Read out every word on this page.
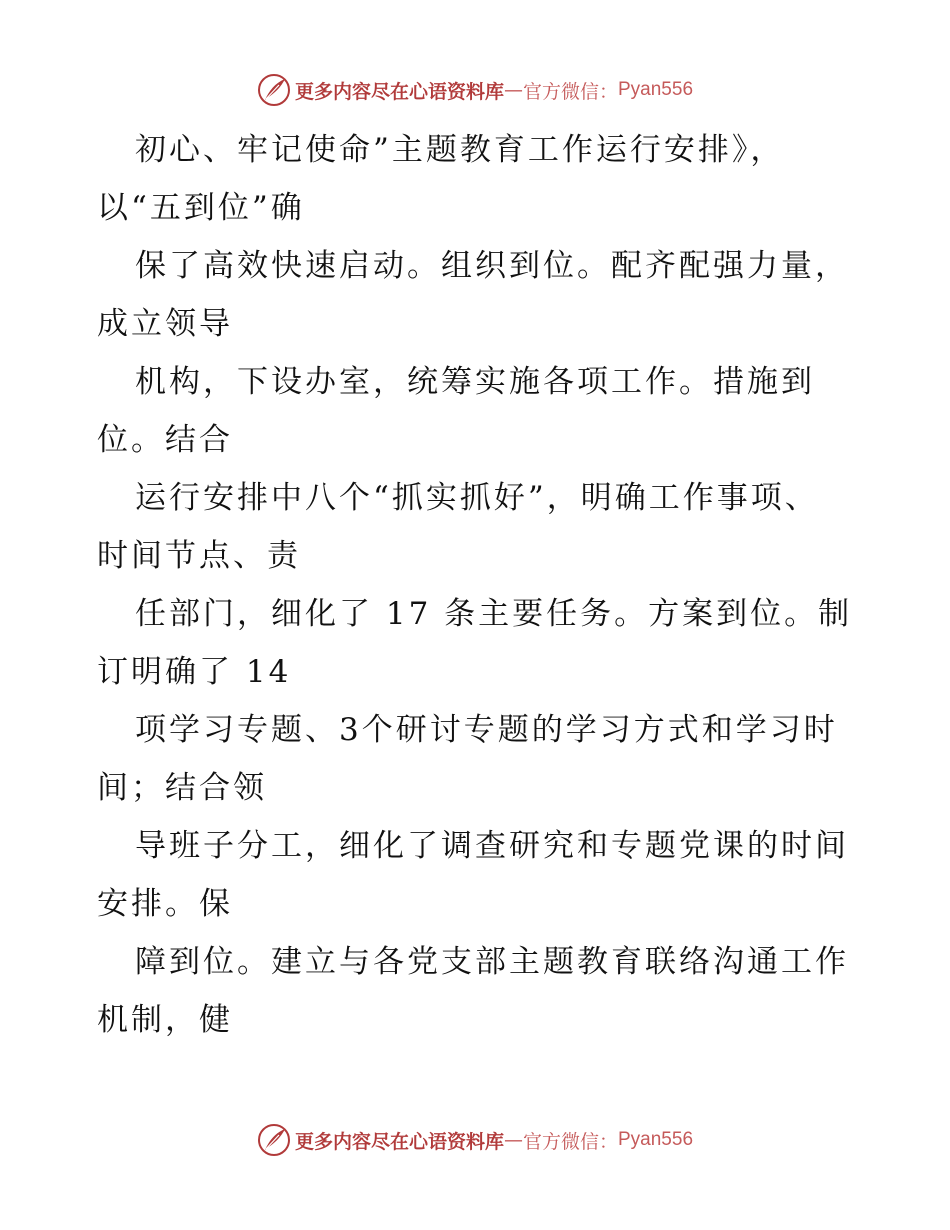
更多内容尽在心语资料库 — 官方微信： Pyan556
初心、牢记使命”主题教育工作运行安排》，
以“五到位”确
保了高效快速启动。组织到位。配齐配强力量，
成立领导
机构，下设办室，统筹实施各项工作。措施到
位。结合
运行安排中八个“抓实抓好”，明确工作事项、
时间节点、责
任部门，细化了 17 条主要任务。方案到位。制
订明确了 14
项学习专题、3个研讨专题的学习方式和学习时
间；结合领
导班子分工，细化了调查研究和专题党课的时间
安排。保
障到位。建立与各党支部主题教育联络沟通工作
机制，健
更多内容尽在心语资料库 — 官方微信： Pyan556
